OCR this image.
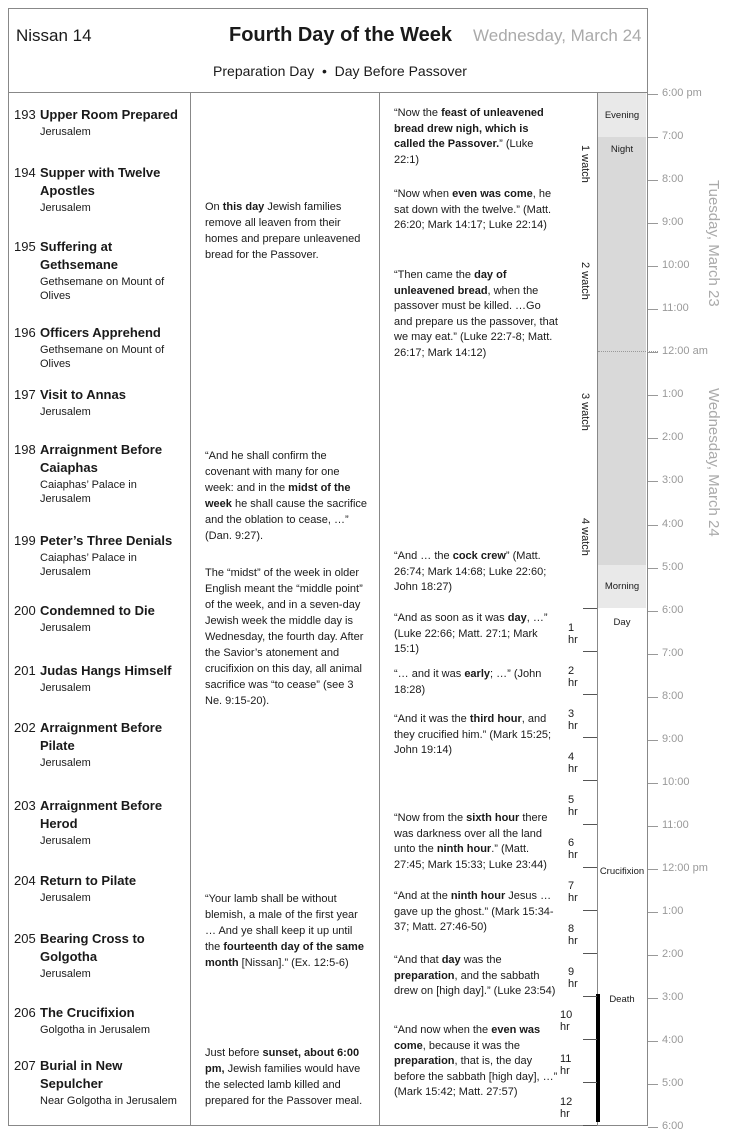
Nissan 14	Fourth Day of the Week Wednesday, March 24
Preparation Day  •  Day Before Passover
Evening
Night
Morning
Day
Crucifixion
Death
193 Upper Room Prepared
Jerusalem
194 Supper with Twelve Apostles
Jerusalem
195 Suffering at Gethsemane
Gethsemane on Mount of Olives
196 Officers Apprehend
Gethsemane on Mount of Olives
197 Visit to Annas
Jerusalem
198 Arraignment Before Caiaphas
Caiaphas’ Palace in Jerusalem
199 Peter’s Three Denials
Caiaphas’ Palace in Jerusalem
200 Condemned to Die
Jerusalem
201 Judas Hangs Himself
Jerusalem
202 Arraignment Before Pilate
Jerusalem
203 Arraignment Before Herod
Jerusalem
204 Return to Pilate
Jerusalem
205 Bearing Cross to Golgotha
Jerusalem
206 The Crucifixion
Golgotha in Jerusalem
207 Burial in New Sepulcher
Near Golgotha in Jerusalem
On this day Jewish families remove all leaven from their homes and prepare unleavened bread for the Passover.
“And he shall confirm the covenant with many for one week: and in the midst of the week he shall cause the sacrifice and the oblation to cease, …” (Dan. 9:27).
The “midst” of the week in older English meant the “middle point” of the week, and in a seven-day Jewish week the middle day is Wednesday, the fourth day. After the Savior’s atonement and crucifixion on this day, all animal sacrifice was “to cease” (see 3 Ne. 9:15-20).
“Your lamb shall be without blemish, a male of the first year … And ye shall keep it up until the fourteenth day of the same month [Nissan].” (Ex. 12:5-6)
Just before sunset, about 6:00 pm, Jewish families would have the selected lamb killed and prepared for the Passover meal.
“Now the feast of unleavened bread drew nigh, which is called the Passover.” (Luke 22:1)
“Now when even was come, he sat down with the twelve.” (Matt. 26:20; Mark 14:17; Luke 22:14)
“Then came the day of unleavened bread, when the passover must be killed. …Go and prepare us the passover, that we may eat.” (Luke 22:7-8; Matt. 26:17; Mark 14:12)
“And … the cock crew” (Matt. 26:74; Mark 14:68; Luke 22:60; John 18:27)
“And as soon as it was day, …” (Luke 22:66; Matt. 27:1; Mark 15:1)
“… and it was early; …” (John 18:28)
“And it was the third hour, and they crucified him.” (Mark 15:25; John 19:14)
“Now from the sixth hour there was darkness over all the land unto the ninth hour.” (Matt. 27:45; Mark 15:33; Luke 23:44)
“And at the ninth hour Jesus … gave up the ghost.” (Mark 15:34-37; Matt. 27:46-50)
“And that day was the preparation, and the sabbath drew on [high day].” (Luke 23:54)
“And now when the even was come, because it was the preparation, that is, the day before the sabbath [high day], …” (Mark 15:42; Matt. 27:57)
1 watch
2 watch
3 watch
4 watch
1 hr
2 hr
3 hr
4 hr
5 hr
6 hr
7 hr
8 hr
9 hr
10 hr
11 hr
12 hr
6:00 pm
7:00
8:00
9:00
10:00
11:00
12:00 am
1:00
2:00
3:00
4:00
5:00
6:00
7:00
8:00
9:00
10:00
11:00
12:00 pm
1:00
2:00
3:00
4:00
5:00
6:00
Tuesday, March 23
Wednesday, March 24
